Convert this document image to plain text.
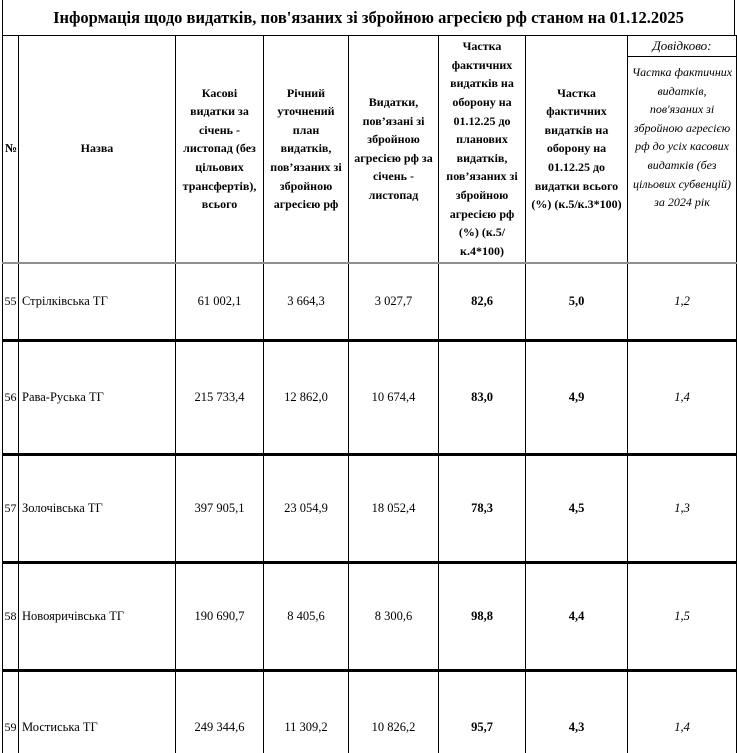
Інформація щодо видатків, пов'язаних зі збройною агресією рф станом на 01.12.2025
№	Назва	Касові видатки за січень - листопад (без цільових трансфертів), всього	Річний уточнений план видатків, пов’язаних зі збройною агресією рф	Видатки, пов’язані зі збройною агресією рф за січень - листопад	Частка фактичних видатків на оборону на 01.12.25 до планових видатків, пов’язаних зі збройною агресією рф (%) (к.5/к.4*100)	Частка фактичних видатків на оборону на 01.12.25 до видатки всього (%) (к.5/к.3*100)	Довідково:
Частка фактичних видатків, пов'язаних зі збройною агресією рф до усіх касових видатків (без цільових субвенцій) за 2024 рік

55	Стрілківська ТГ	61 002,1	3 664,3	3 027,7	82,6	5,0	1,2
56	Рава-Руська ТГ	215 733,4	12 862,0	10 674,4	83,0	4,9	1,4
57	Золочівська ТГ	397 905,1	23 054,9	18 052,4	78,3	4,5	1,3
58	Новояричівська ТГ	190 690,7	8 405,6	8 300,6	98,8	4,4	1,5
59	Мостиська ТГ	249 344,6	11 309,2	10 826,2	95,7	4,3	1,4
